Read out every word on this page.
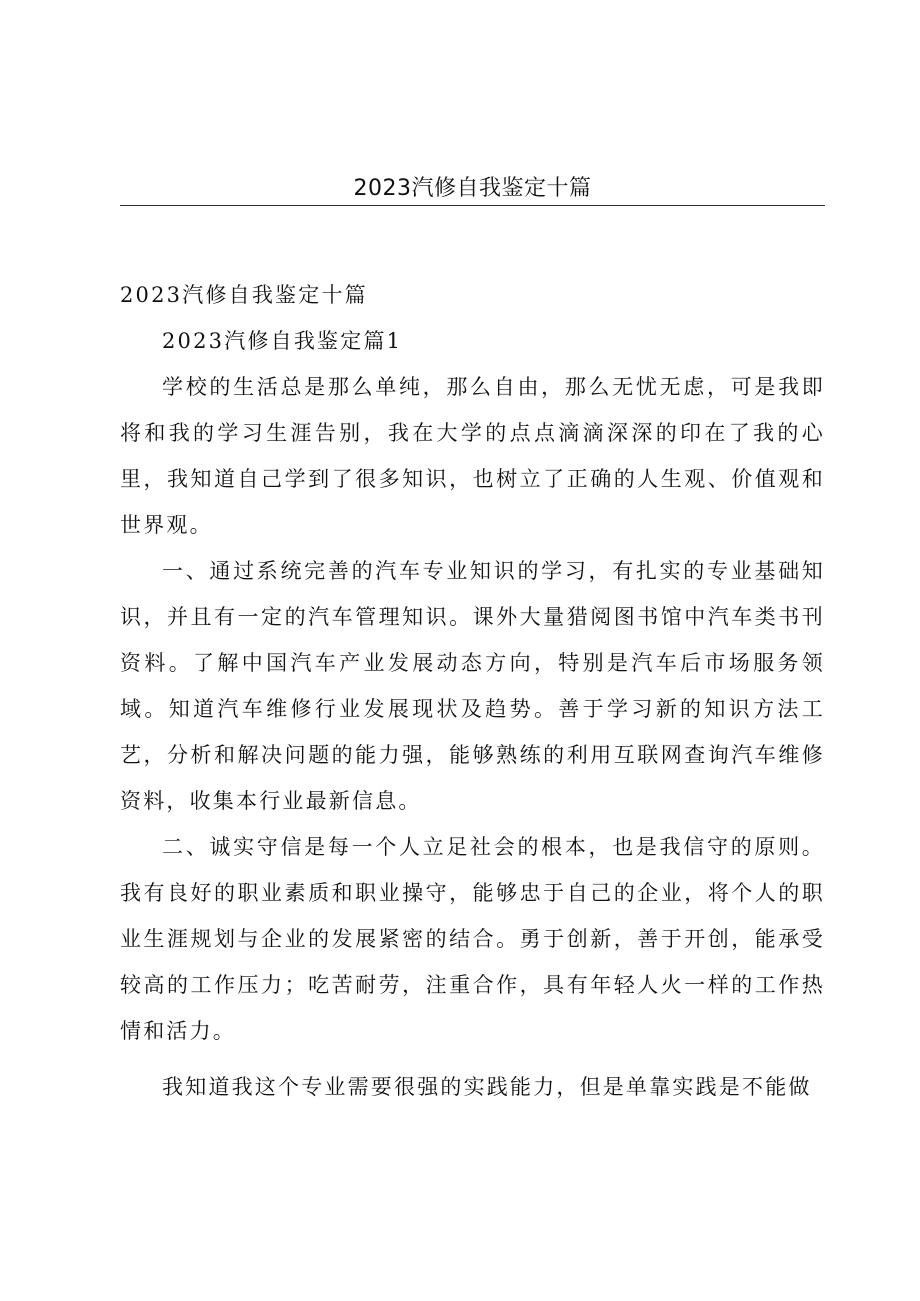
2023汽修自我鉴定十篇

2023汽修自我鉴定十篇

2023汽修自我鉴定篇1

学校的生活总是那么单纯，那么自由，那么无忧无虑，可是我即将和我的学习生涯告别，我在大学的点点滴滴深深的印在了我的心里，我知道自己学到了很多知识，也树立了正确的人生观、价值观和世界观。

一、通过系统完善的汽车专业知识的学习，有扎实的专业基础知识，并且有一定的汽车管理知识。课外大量猎阅图书馆中汽车类书刊资料。了解中国汽车产业发展动态方向，特别是汽车后市场服务领域。知道汽车维修行业发展现状及趋势。善于学习新的知识方法工艺，分析和解决问题的能力强，能够熟练的利用互联网查询汽车维修资料，收集本行业最新信息。

二、诚实守信是每一个人立足社会的根本，也是我信守的原则。我有良好的职业素质和职业操守，能够忠于自己的企业，将个人的职业生涯规划与企业的发展紧密的结合。勇于创新，善于开创，能承受较高的工作压力；吃苦耐劳，注重合作，具有年轻人火一样的工作热情和活力。

我知道我这个专业需要很强的实践能力，但是单靠实践是不能做
